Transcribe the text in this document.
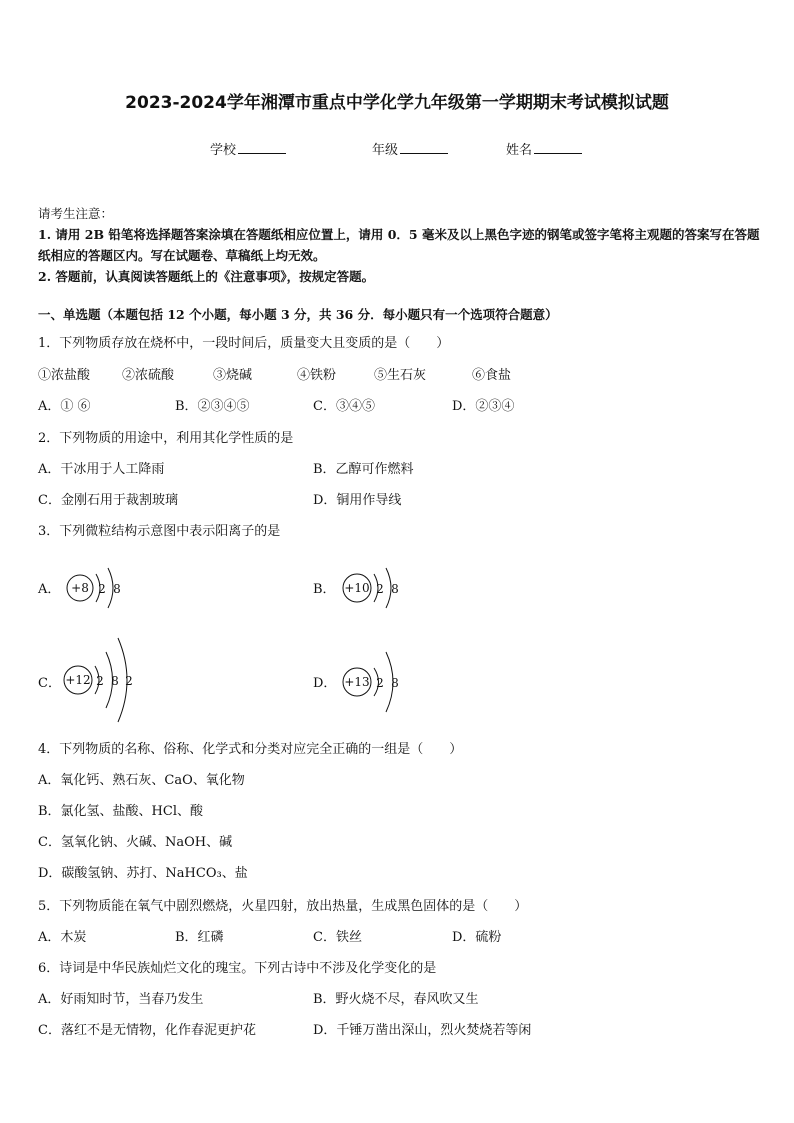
2023-2024学年湘潭市重点中学化学九年级第一学期期末考试模拟试题
学校	年级	姓名
请考生注意：
1. 请用 2B 铅笔将选择题答案涂填在答题纸相应位置上，请用 0．5 毫米及以上黑色字迹的钢笔或签字笔将主观题的答案写在答题纸相应的答题区内。写在试题卷、草稿纸上均无效。
2. 答题前，认真阅读答题纸上的《注意事项》，按规定答题。
一、单选题（本题包括 12 个小题，每小题 3 分，共 36 分．每小题只有一个选项符合题意）
1．下列物质存放在烧杯中，一段时间后，质量变大且变质的是（　　）
①浓盐酸 ②浓硫酸	③烧碱	④铁粉	⑤生石灰	⑥食盐
A．① ⑥	B．②③④⑤	C．③④⑤	D．②③④
2．下列物质的用途中，利用其化学性质的是
A．干冰用于人工降雨	B．乙醇可作燃料
C．金刚石用于裁割玻璃	D．铜用作导线
3．下列微粒结构示意图中表示阳离子的是
A． +8 2 8	B． +10 2 8
C． +12 2 8 2	D． +13 2 8
4．下列物质的名称、俗称、化学式和分类对应完全正确的一组是（　　）
A．氧化钙、熟石灰、CaO、氧化物
B．氯化氢、盐酸、HCl、酸
C．氢氧化钠、火碱、NaOH、碱
D．碳酸氢钠、苏打、NaHCO₃、盐
5．下列物质能在氧气中剧烈燃烧，火星四射，放出热量，生成黑色固体的是（　　）
A．木炭	B．红磷	C．铁丝	D．硫粉
6．诗词是中华民族灿烂文化的瑰宝。下列古诗中不涉及化学变化的是
A．好雨知时节，当春乃发生	B．野火烧不尽，春风吹又生
C．落红不是无情物，化作春泥更护花	D．千锤万凿出深山，烈火焚烧若等闲
